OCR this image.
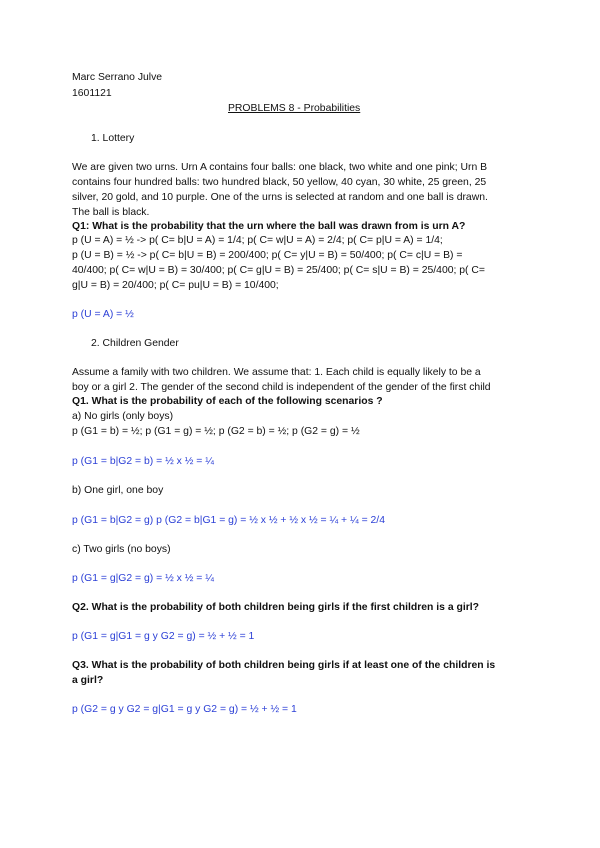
Marc Serrano Julve
1601121
PROBLEMS 8 - Probabilities
1. Lottery
We are given two urns. Urn A contains four balls: one black, two white and one pink; Urn B
contains four hundred balls: two hundred black, 50 yellow, 40 cyan, 30 white, 25 green, 25
silver, 20 gold, and 10 purple. One of the urns is selected at random and one ball is drawn.
The ball is black.
Q1: What is the probability that the urn where the ball was drawn from is urn A?
p (U = A) = ½ -> p( C= b|U = A) = 1/4; p( C= w|U = A) = 2/4; p( C= p|U = A) = 1/4;
p (U = B) = ½ -> p( C= b|U = B) = 200/400; p( C= y|U = B) = 50/400; p( C= c|U = B) =
40/400; p( C= w|U = B) = 30/400; p( C= g|U = B) = 25/400; p( C= s|U = B) = 25/400; p( C=
g|U = B) = 20/400; p( C= pu|U = B) = 10/400;
p (U = A) = ½
2. Children Gender
Assume a family with two children. We assume that: 1. Each child is equally likely to be a
boy or a girl 2. The gender of the second child is independent of the gender of the first child
Q1. What is the probability of each of the following scenarios ?
a) No girls (only boys)
p (G1 = b) = ½; p (G1 = g) = ½; p (G2 = b) = ½; p (G2 = g) = ½
p (G1 = b|G2 = b) = ½ x ½ = ¼
b) One girl, one boy
p (G1 = b|G2 = g) p (G2 = b|G1 = g) = ½ x ½ + ½ x ½ = ¼ + ¼ = 2/4
c) Two girls (no boys)
p (G1 = g|G2 = g) = ½ x ½ = ¼
Q2. What is the probability of both children being girls if the first children is a girl?
p (G1 = g|G1 = g y G2 = g) = ½ + ½ = 1
Q3. What is the probability of both children being girls if at least one of the children is
a girl?
p (G2 = g y G2 = g|G1 = g y G2 = g) = ½ + ½ = 1
